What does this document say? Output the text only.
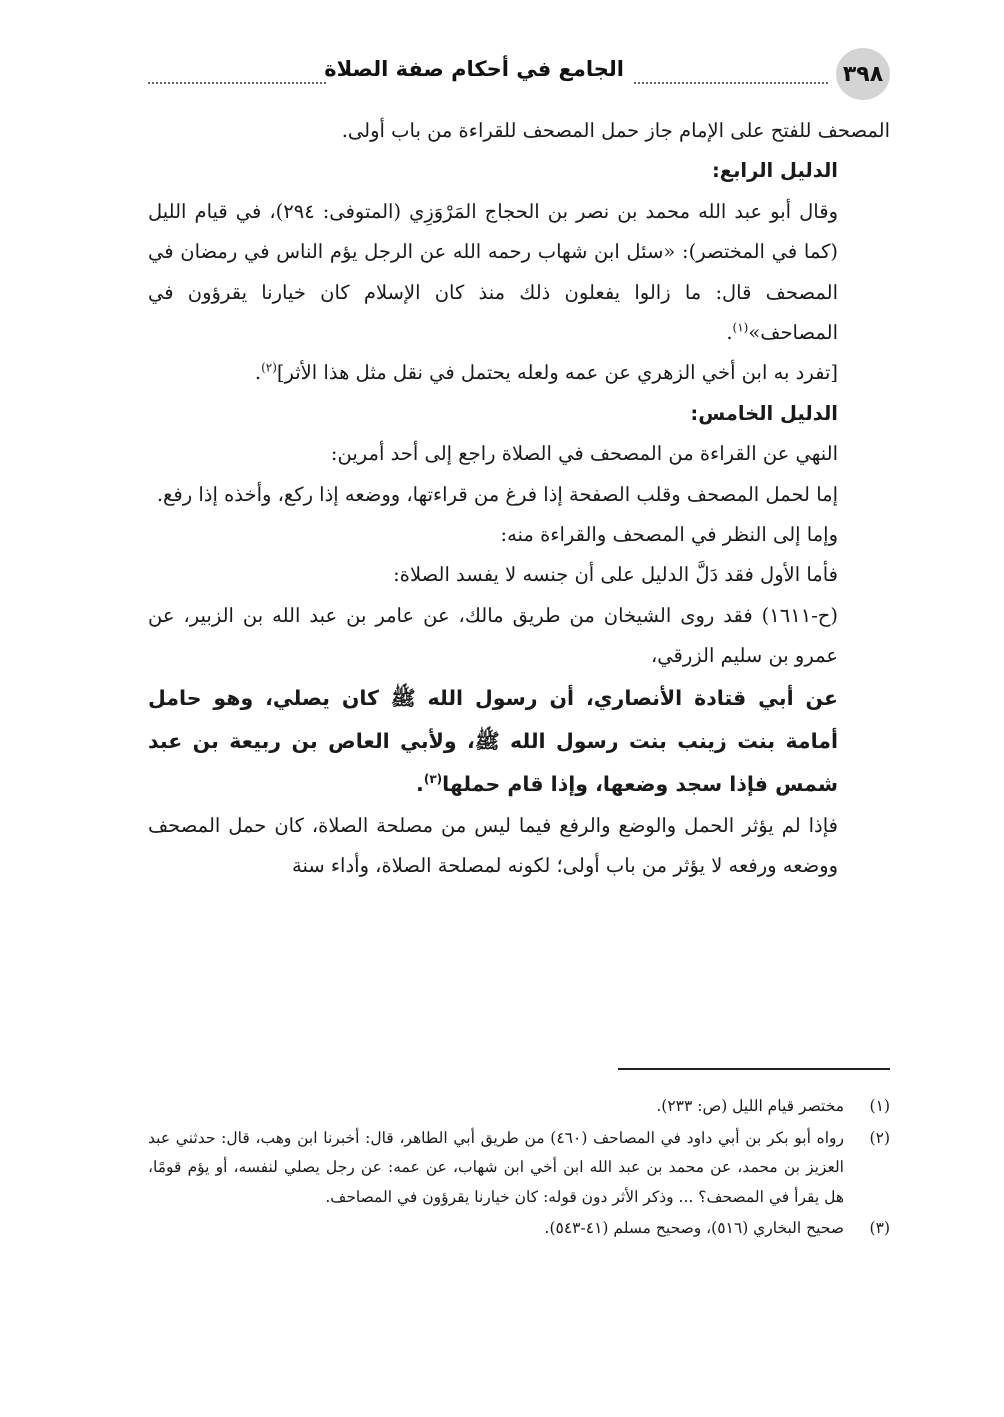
٣٩٨
الجامع في أحكام صفة الصلاة

المصحف للفتح على الإمام جاز حمل المصحف للقراءة من باب أولى.

الدليل الرابع:

وقال أبو عبد الله محمد بن نصر بن الحجاج المَرْوَزِي (المتوفى: ٢٩٤)، في قيام الليل (كما في المختصر): «سئل ابن شهاب رحمه الله عن الرجل يؤم الناس في رمضان في المصحف قال: ما زالوا يفعلون ذلك منذ كان الإسلام كان خيارنا يقرؤون في المصاحف»$^{(١)}$.

[تفرد به ابن أخي الزهري عن عمه ولعله يحتمل في نقل مثل هذا الأثر]$^{(٢)}$.

الدليل الخامس:

النهي عن القراءة من المصحف في الصلاة راجع إلى أحد أمرين:

إما لحمل المصحف وقلب الصفحة إذا فرغ من قراءتها، ووضعه إذا ركع، وأخذه إذا رفع.

وإما إلى النظر في المصحف والقراءة منه:

فأما الأول فقد دَلَّ الدليل على أن جنسه لا يفسد الصلاة:

(ح-١٦١١) فقد روى الشيخان من طريق مالك، عن عامر بن عبد الله بن الزبير، عن عمرو بن سليم الزرقي،

عن أبي قتادة الأنصاري، أن رسول الله ﷺ كان يصلي، وهو حامل أمامة بنت زينب بنت رسول الله ﷺ، ولأبي العاص بن ربيعة بن عبد شمس فإذا سجد وضعها، وإذا قام حملها$^{(٣)}$.

فإذا لم يؤثر الحمل والوضع والرفع فيما ليس من مصلحة الصلاة، كان حمل المصحف ووضعه ورفعه لا يؤثر من باب أولى؛ لكونه لمصلحة الصلاة، وأداء سنة

(١)
مختصر قيام الليل (ص: ٢٣٣).
(٢)
رواه أبو بكر بن أبي داود في المصاحف (٤٦٠) من طريق أبي الطاهر، قال: أخبرنا ابن وهب، قال: حدثني عبد العزيز بن محمد، عن محمد بن عبد الله ابن أخي ابن شهاب، عن عمه: عن رجل يصلي لنفسه، أو يؤم قومًا، هل يقرأ في المصحف؟ ... وذكر الأثر دون قوله: كان خيارنا يقرؤون في المصاحف.
(٣)
صحيح البخاري (٥١٦)، وصحيح مسلم (٤١-٥٤٣).
